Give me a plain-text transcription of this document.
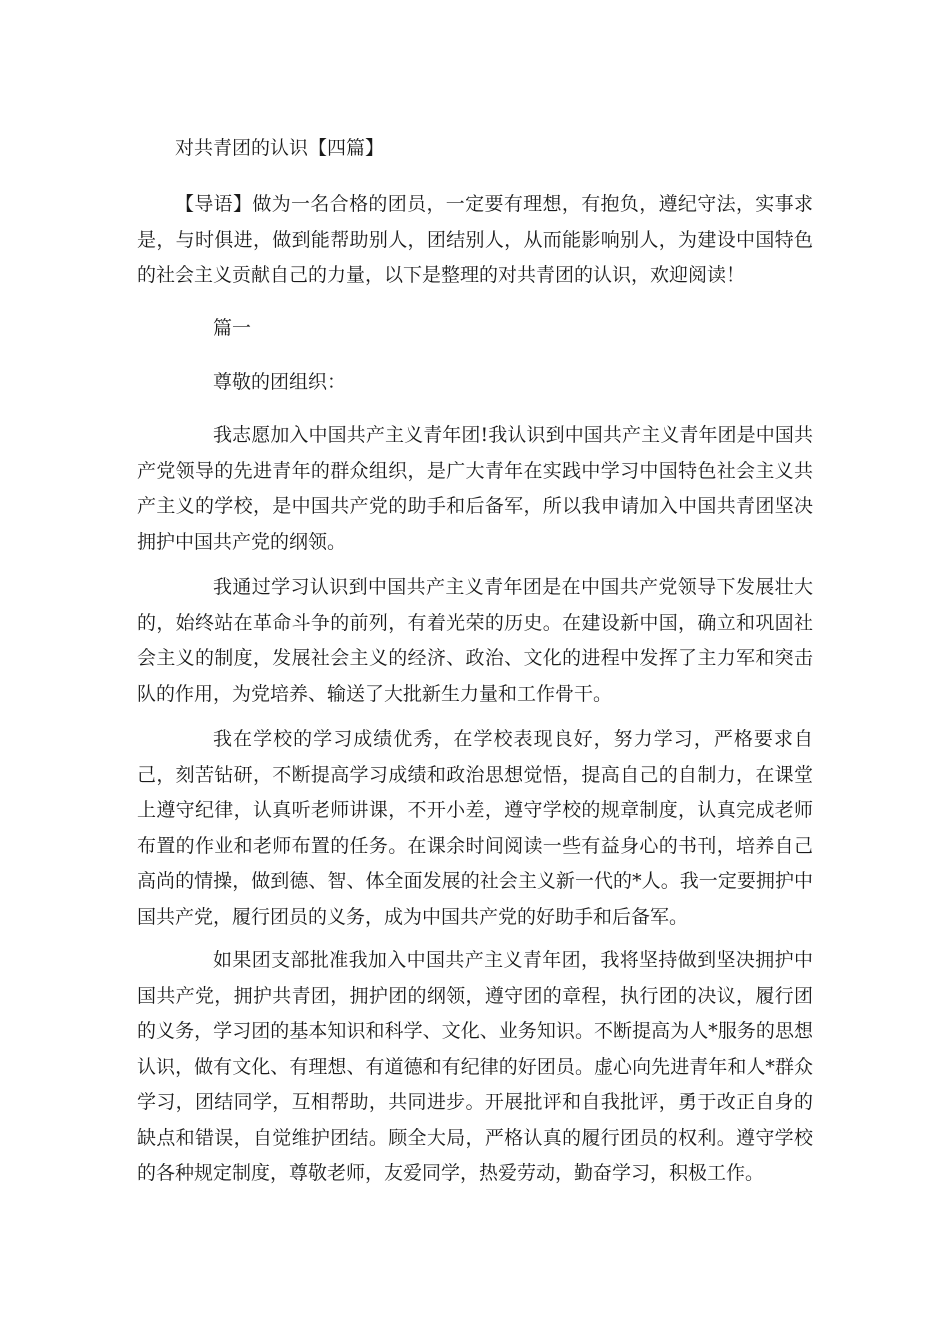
对共青团的认识【四篇】

【导语】做为一名合格的团员，一定要有理想，有抱负，遵纪守法，实事求是，与时俱进，做到能帮助别人，团结别人，从而能影响别人，为建设中国特色的社会主义贡献自己的力量，以下是整理的对共青团的认识，欢迎阅读！

篇一
尊敬的团组织：

我志愿加入中国共产主义青年团!我认识到中国共产主义青年团是中国共产党领导的先进青年的群众组织，是广大青年在实践中学习中国特色社会主义共产主义的学校，是中国共产党的助手和后备军，所以我申请加入中国共青团坚决拥护中国共产党的纲领。

我通过学习认识到中国共产主义青年团是在中国共产党领导下发展壮大的，始终站在革命斗争的前列，有着光荣的历史。在建设新中国，确立和巩固社会主义的制度，发展社会主义的经济、政治、文化的进程中发挥了主力军和突击队的作用，为党培养、输送了大批新生力量和工作骨干。

我在学校的学习成绩优秀，在学校表现良好，努力学习，严格要求自己，刻苦钻研，不断提高学习成绩和政治思想觉悟，提高自己的自制力，在课堂上遵守纪律，认真听老师讲课，不开小差，遵守学校的规章制度，认真完成老师布置的作业和老师布置的任务。在课余时间阅读一些有益身心的书刊，培养自己高尚的情操，做到德、智、体全面发展的社会主义新一代的*人。我一定要拥护中国共产党，履行团员的义务，成为中国共产党的好助手和后备军。

如果团支部批准我加入中国共产主义青年团，我将坚持做到坚决拥护中国共产党，拥护共青团，拥护团的纲领，遵守团的章程，执行团的决议，履行团的义务，学习团的基本知识和科学、文化、业务知识。不断提高为人*服务的思想认识，做有文化、有理想、有道德和有纪律的好团员。虚心向先进青年和人*群众学习，团结同学，互相帮助，共同进步。开展批评和自我批评，勇于改正自身的缺点和错误，自觉维护团结。顾全大局，严格认真的履行团员的权利。遵守学校的各种规定制度，尊敬老师，友爱同学，热爱劳动，勤奋学习，积极工作。
